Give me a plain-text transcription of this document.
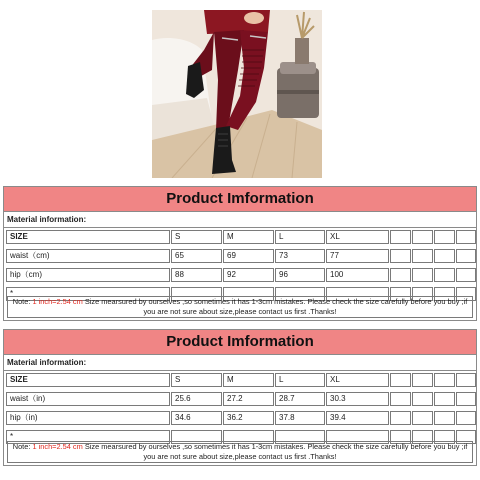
Product Imformation
Material information:
SIZE	S	M	L	XL
waist（cm)	65	69	73	77
hip（cm)	88	92	96	100
*
Note: 1 inch=2.54 cm Size mearsured by ourselves ,so sometimes it has 1-3cm mistakes. Please check the size carefully before you buy ;if you are not sure about size,please contact us first .Thanks!
Product Imformation
Material information:
SIZE	S	M	L	XL
waist（in)	25.6	27.2	28.7	30.3
hip（in)	34.6	36.2	37.8	39.4
*
Note: 1 inch=2.54 cm Size mearsured by ourselves ,so sometimes it has 1-3cm mistakes. Please check the size carefully before you buy ;if you are not sure about size,please contact us first .Thanks!
